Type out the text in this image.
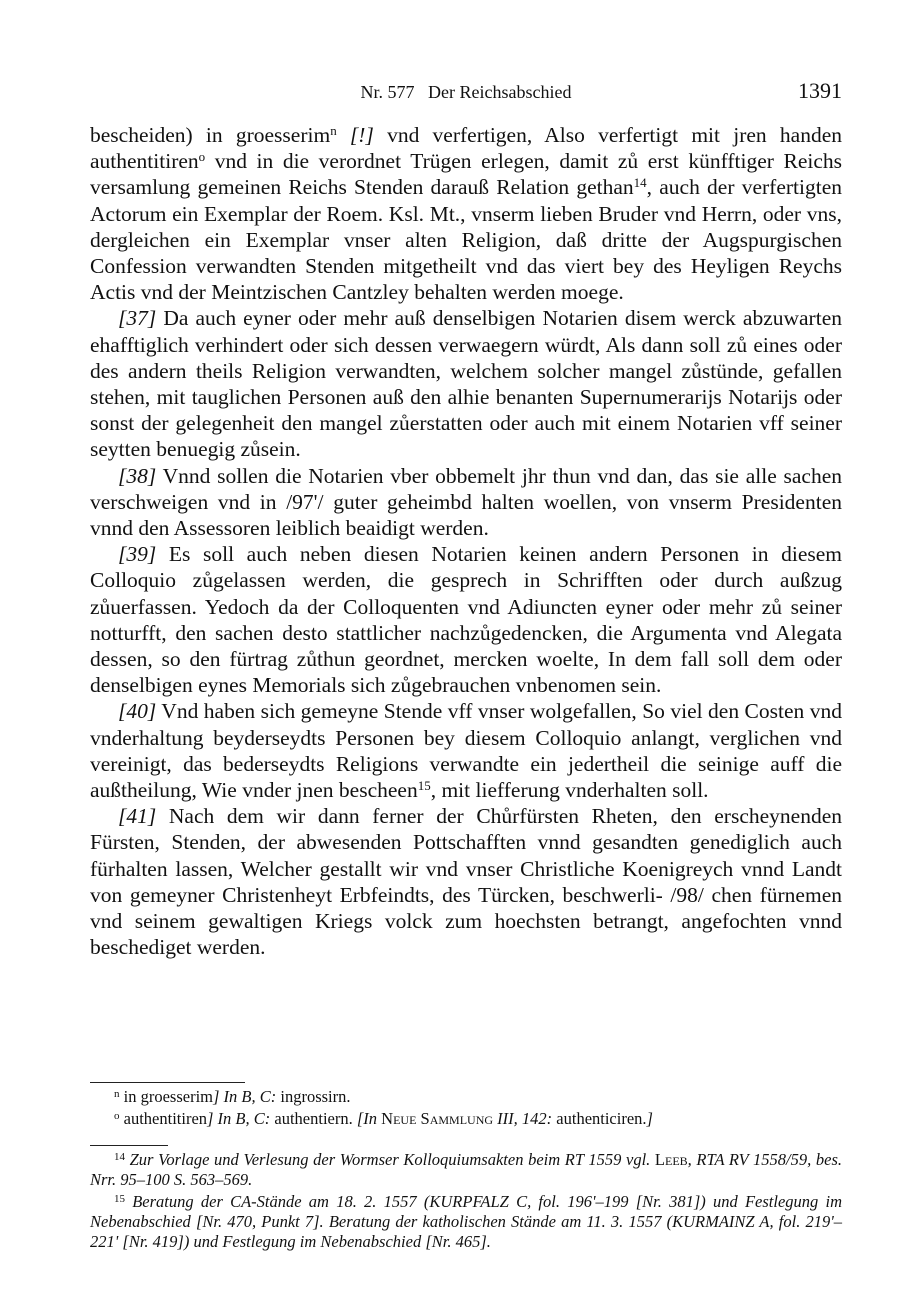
Nr. 577   Der Reichsabschied	1391

bescheiden) in groesserim$^n$ [!] vnd verfertigen, Also verfertigt mit jren handen authentitiren$^o$ vnd in die verordnet Trügen erlegen, damit zů erst künfftiger Reichs versamlung gemeinen Reichs Stenden darauß Relation gethan$^{14}$, auch der verfertigten Actorum ein Exemplar der Roem. Ksl. Mt., vnserm lieben Bruder vnd Herrn, oder vns, dergleichen ein Exemplar vnser alten Religion, daß dritte der Augspurgischen Confession verwandten Stenden mitgetheilt vnd das viert bey des Heyligen Reychs Actis vnd der Meintzischen Cantzley behalten werden moege.

[37] Da auch eyner oder mehr auß denselbigen Notarien disem werck abzuwarten ehafftiglich verhindert oder sich dessen verwaegern würdt, Als dann soll zů eines oder des andern theils Religion verwandten, welchem solcher mangel zůstünde, gefallen stehen, mit tauglichen Personen auß den alhie benanten Supernumerarijs Notarijs oder sonst der gelegenheit den mangel zůerstatten oder auch mit einem Notarien vff seiner seytten benuegig zůsein.

[38] Vnnd sollen die Notarien vber obbemelt jhr thun vnd dan, das sie alle sachen verschweigen vnd in /97'/ guter geheimbd halten woellen, von vnserm Presidenten vnnd den Assessoren leiblich beaidigt werden.

[39] Es soll auch neben diesen Notarien keinen andern Personen in diesem Colloquio zůgelassen werden, die gesprech in Schrifften oder durch außzug zůuerfassen. Yedoch da der Colloquenten vnd Adiuncten eyner oder mehr zů seiner notturfft, den sachen desto stattlicher nachzůgedencken, die Argumenta vnd Alegata dessen, so den fürtrag zůthun geordnet, mercken woelte, In dem fall soll dem oder denselbigen eynes Memorials sich zůgebrauchen vnbenomen sein.

[40] Vnd haben sich gemeyne Stende vff vnser wolgefallen, So viel den Costen vnd vnderhaltung beyderseydts Personen bey diesem Colloquio anlangt, verglichen vnd vereinigt, das bederseydts Religions verwandte ein jedertheil die seinige auff die außtheilung, Wie vnder jnen bescheen$^{15}$, mit liefferung vnderhalten soll.

[41] Nach dem wir dann ferner der Chůrfürsten Rheten, den erscheynenden Fürsten, Stenden, der abwesenden Pottschafften vnnd gesandten genediglich auch fürhalten lassen, Welcher gestallt wir vnd vnser Christliche Koenigreych vnnd Landt von gemeyner Christenheyt Erbfeindts, des Türcken, beschwerli- /98/ chen fürnemen vnd seinem gewaltigen Kriegs volck zum hoechsten betrangt, angefochten vnnd beschediget werden.

$^n$ in groesserim] In B, C: ingrossirn.

$^o$ authentitiren] In B, C: authentiern. [In Neue Sammlung III, 142: authenticiren.]

$^{14}$ Zur Vorlage und Verlesung der Wormser Kolloquiumsakten beim RT 1559 vgl. Leeb, RTA RV 1558/59, bes. Nrr. 95–100 S. 563–569.

$^{15}$ Beratung der CA-Stände am 18. 2. 1557 (KURPFALZ C, fol. 196'–199 [Nr. 381]) und Festlegung im Nebenabschied [Nr. 470, Punkt 7]. Beratung der katholischen Stände am 11. 3. 1557 (KURMAINZ A, fol. 219'–221' [Nr. 419]) und Festlegung im Nebenabschied [Nr. 465].
